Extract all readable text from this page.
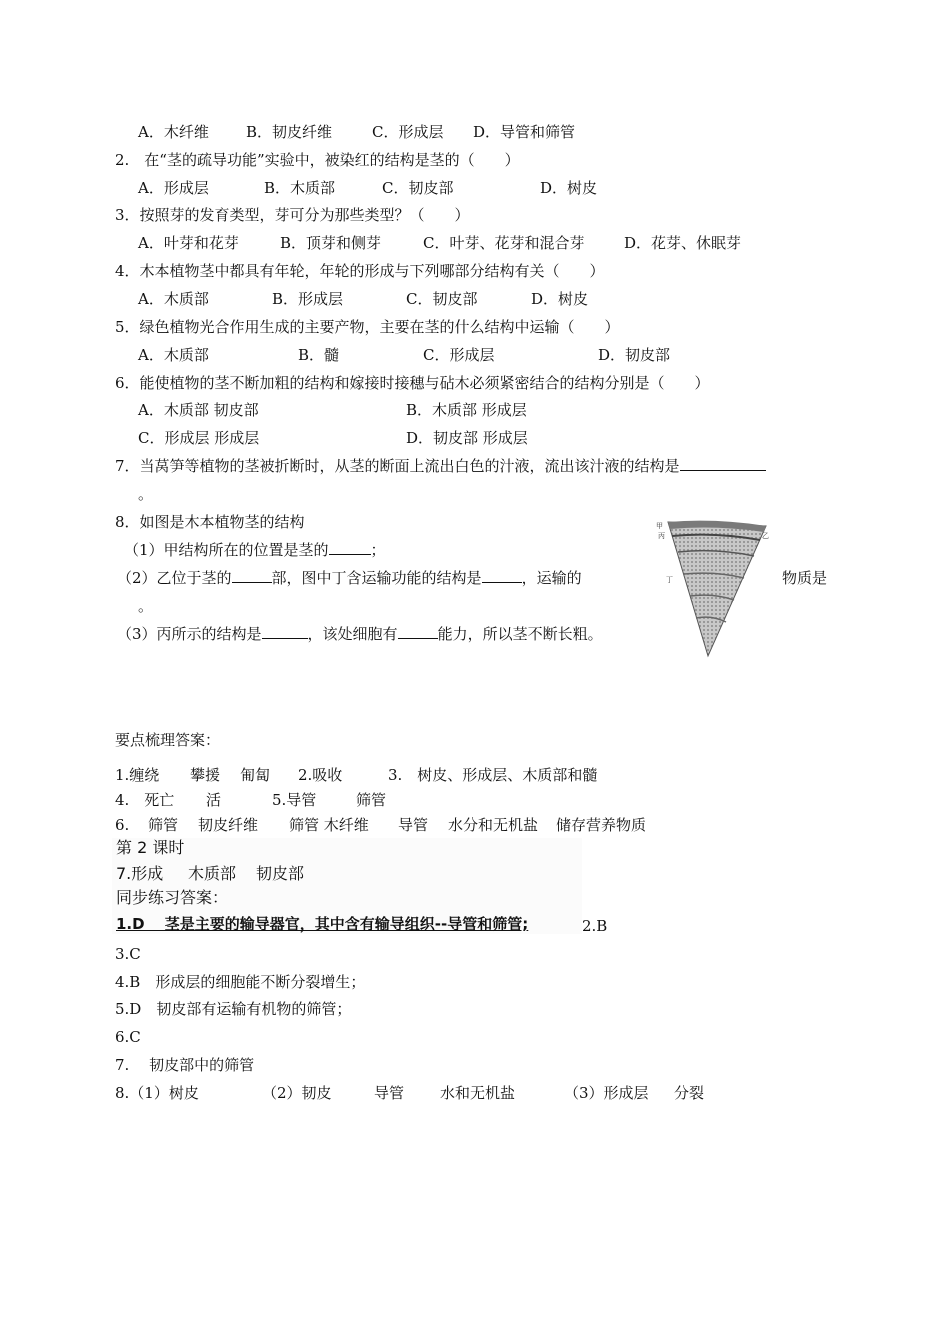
A．木纤维 B．韧皮纤维	C．形成层 D．导管和筛管
2.　在“茎的疏导功能”实验中，被染红的结构是茎的（　　）
A．形成层	B．木质部	C．韧皮部	D．树皮
3．按照芽的发育类型，芽可分为那些类型？（　　）
A．叶芽和花芽	B．顶芽和侧芽	C．叶芽、花芽和混合芽	D．花芽、休眠芽
4．木本植物茎中都具有年轮，年轮的形成与下列哪部分结构有关（　　）
A．木质部	B．形成层	C．韧皮部	D．树皮
5．绿色植物光合作用生成的主要产物，主要在茎的什么结构中运输（　　）
A．木质部	B．髓	C．形成层	D．韧皮部
6．能使植物的茎不断加粗的结构和嫁接时接穗与砧木必须紧密结合的结构分别是（　　）
A．木质部 韧皮部	B．木质部 形成层
C．形成层 形成层	D．韧皮部 形成层
7．当莴笋等植物的茎被折断时，从茎的断面上流出白色的汁液，流出该汁液的结构是
。
8．如图是木本植物茎的结构
（1）甲结构所在的位置是茎的	；
（2）乙位于茎的	部，图中丁含运输功能的结构是	，运输的	物质是
。
（3）丙所示的结构是	，该处细胞有	能力，所以茎不断长粗。
甲
丙	乙
丁
要点梳理答案：
1.缠绕 攀援 匍匐 2.吸收	3.　树皮、形成层、木质部和髓
4.　死亡 活	5.导管	筛管
6. 筛管 韧皮纤维 筛管 木纤维 导管 水分和无机盐 储存营养物质
第 2 课时
7.形成 木质部 韧皮部
同步练习答案：
1.D　 茎是主要的输导器官，其中含有输导组织--导管和筛管;	2.B
3.C
4.B　形成层的细胞能不断分裂增生；
5.D　韧皮部有运输有机物的筛管；
6.C
7.　 韧皮部中的筛管
8.（1）树皮	（2）韧皮	导管 水和无机盐	（3）形成层 分裂
